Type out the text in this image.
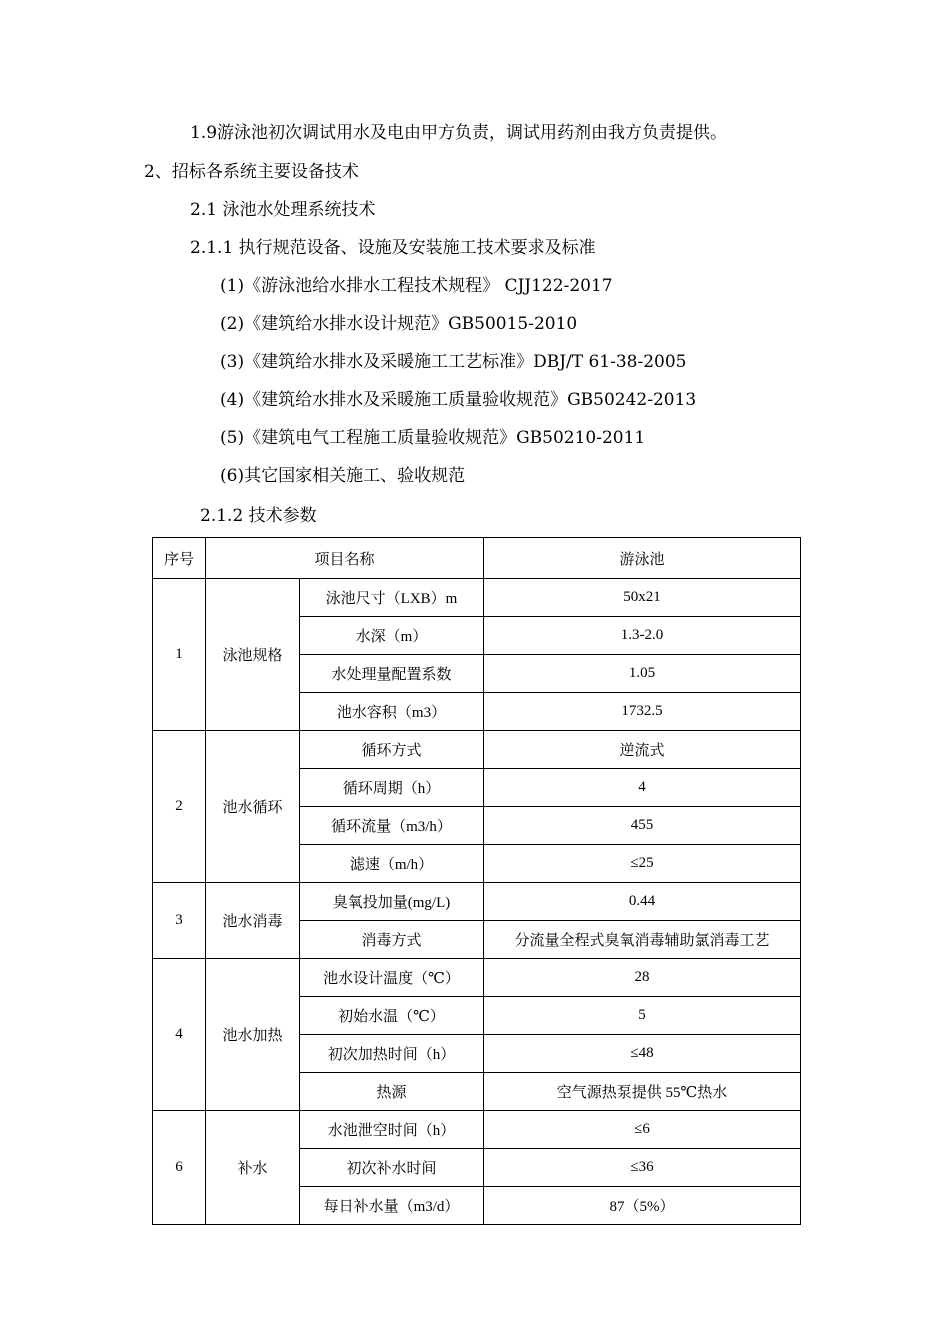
1.9游泳池初次调试用水及电由甲方负责，调试用药剂由我方负责提供。
2、招标各系统主要设备技术
2.1 泳池水处理系统技术
2.1.1 执行规范设备、设施及安装施工技术要求及标准
(1)《游泳池给水排水工程技术规程》 CJJ122-2017
(2)《建筑给水排水设计规范》GB50015-2010
(3)《建筑给水排水及采暖施工工艺标准》DBJ/T 61-38-2005
(4)《建筑给水排水及采暖施工质量验收规范》GB50242-2013
(5)《建筑电气工程施工质量验收规范》GB50210-2011
(6)其它国家相关施工、验收规范
2.1.2 技术参数
序号	项目名称		游泳池
1	泳池规格	泳池尺寸（LXB）m	50x21
		水深（m）	1.3-2.0
		水处理量配置系数	1.05
		池水容积（m3）	1732.5
2	池水循环	循环方式	逆流式
		循环周期（h）	4
		循环流量（m3/h）	455
		滤速（m/h）	≤25
3	池水消毒	臭氧投加量(mg/L)	0.44
		消毒方式	分流量全程式臭氧消毒辅助氯消毒工艺
4	池水加热	池水设计温度（℃）	28
		初始水温（℃）	5
		初次加热时间（h）	≤48
		热源	空气源热泵提供 55℃热水
6	补水	水池泄空时间（h）	≤6
		初次补水时间	≤36
		每日补水量（m3/d）	87（5%）
